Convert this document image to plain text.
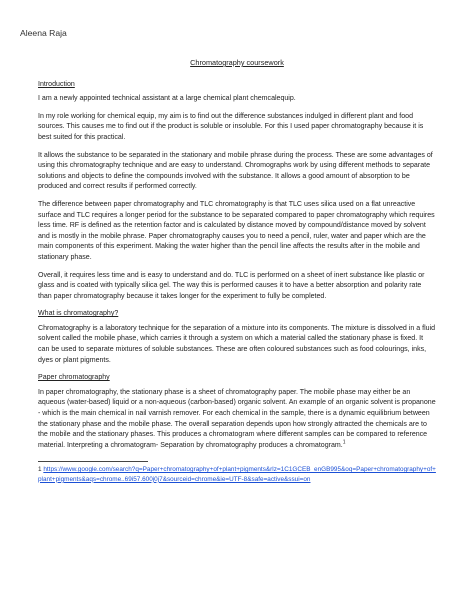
Aleena Raja
Chromatography coursework
Introduction

I am a newly appointed technical assistant at a large chemical plant chemcalequip.

In my role working for chemical equip, my aim is to find out the difference substances indulged in different plant and food sources. This causes me to find out if the product is soluble or insoluble. For this I used paper chromatography because it is best suited for this practical.

It allows the substance to be separated in the stationary and mobile phrase during the process. These are some advantages of using this chromatography technique and are easy to understand. Chromographs work by using different methods to separate solutions and objects to define the compounds involved with the substance. It allows a good amount of absorption to be produced and correct results if performed correctly.

The difference between paper chromatography and TLC chromatography is that TLC uses silica used on a flat unreactive surface and TLC requires a longer period for the substance to be separated compared to paper chromatography which requires less time. RF is defined as the retention factor and is calculated by distance moved by compound/distance moved by solvent and is mostly in the mobile phrase. Paper chromatography causes you to need a pencil, ruler, water and paper which are the main components of this experiment. Making the water higher than the pencil line affects the results after in the mobile and stationary phase.

Overall, it requires less time and is easy to understand and do. TLC is performed on a sheet of inert substance like plastic or glass and is coated with typically silica gel. The way this is performed causes it to have a better absorption and polarity rate than paper chromatography because it takes longer for the experiment to fully be completed.

What is chromatography?

Chromatography is a laboratory technique for the separation of a mixture into its components. The mixture is dissolved in a fluid solvent called the mobile phase, which carries it through a system on which a material called the stationary phase is fixed. It can be used to separate mixtures of soluble substances. These are often coloured substances such as food colourings, inks, dyes or plant pigments.

Paper chromatography

In paper chromatography, the stationary phase is a sheet of chromatography paper. The mobile phase may either be an aqueous (water-based) liquid or a non-aqueous (carbon-based) organic solvent. An example of an organic solvent is propanone - which is the main chemical in nail varnish remover. For each chemical in the sample, there is a dynamic equilibrium between the stationary phase and the mobile phase. The overall separation depends upon how strongly attracted the chemicals are to the mobile and the stationary phases. This produces a chromatogram where different samples can be compared to reference material. Interpreting a chromatogram- Separation by chromatography produces a chromatogram.$^1$

1 https://www.google.com/search?q=Paper+chromatography+of+plant+pigments&rlz=1C1GCEB_enGB995&oq=Paper+chromatography+of+plant+pigments&aqs=chrome..69i57.600j0j7&sourceid=chrome&ie=UTF-8&safe=active&ssui=on
